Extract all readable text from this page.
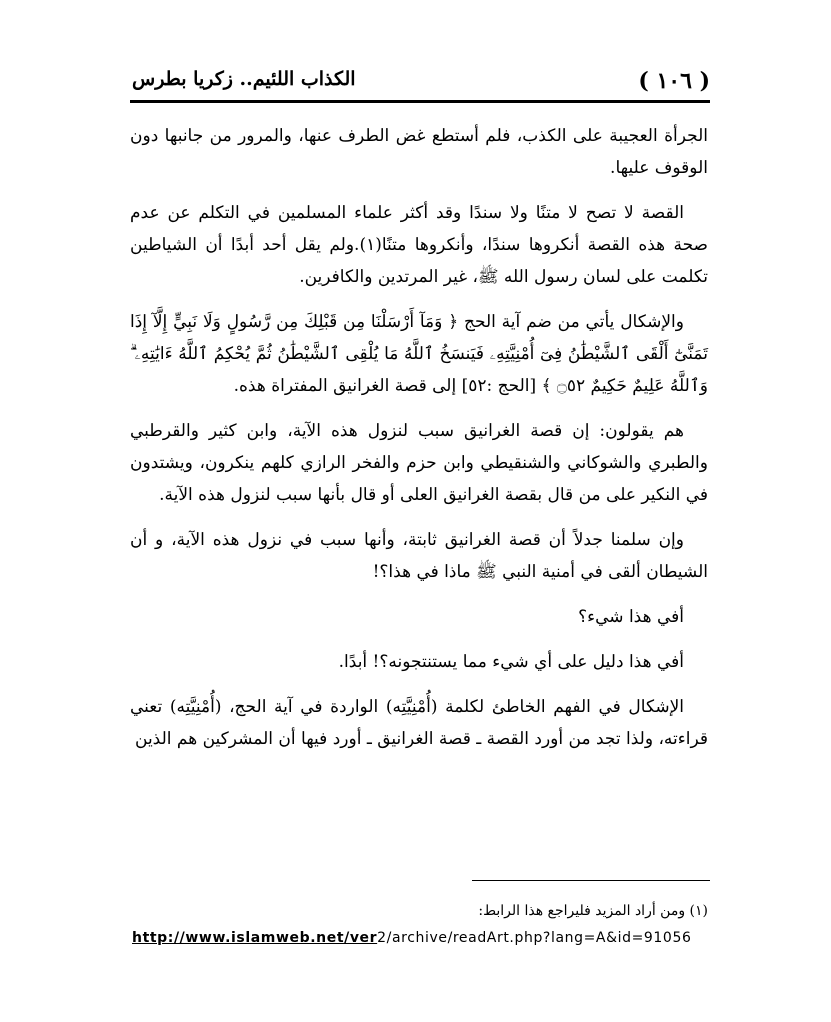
( ١٠٦ )
الكذاب اللئيم.. زكريا بطرس

الجرأة العجيبة على الكذب، فلم أستطع غض الطرف عنها، والمرور من جانبها دون الوقوف عليها.

القصة لا تصح لا متنًا ولا سندًا وقد أكثر علماء المسلمين في التكلم عن عدم صحة هذه القصة أنكروها سندًا، وأنكروها متنًا(١).ولم يقل أحد أبدًا أن الشياطين تكلمت على لسان رسول الله ﷺ، غير المرتدين والكافرين.

والإشكال يأتي من ضم آية الحج ﴿ وَمَآ أَرْسَلْنَا مِن قَبْلِكَ مِن رَّسُولٍ وَلَا نَبِيٍّ إِلَّآ إِذَا تَمَنَّىٰٓ أَلْقَى ٱلشَّيْطَٰنُ فِىٓ أُمْنِيَّتِهِۦ فَيَنسَخُ ٱللَّهُ مَا يُلْقِى ٱلشَّيْطَٰنُ ثُمَّ يُحْكِمُ ٱللَّهُ ءَايَٰتِهِۦ ۗ وَٱللَّهُ عَلِيمٌ حَكِيمٌ ۝٥٢ ﴾ [الحج :٥٢] إلى قصة الغرانيق المفتراة هذه.

هم يقولون: إن قصة الغرانيق سبب لنزول هذه الآية، وابن كثير والقرطبي والطبري والشوكاني والشنقيطي وابن حزم والفخر الرازي كلهم ينكرون، ويشتدون في النكير على من قال بقصة الغرانيق العلى أو قال بأنها سبب لنزول هذه الآية.

وإن سلمنا جدلاً أن قصة الغرانيق ثابتة، وأنها سبب في نزول هذه الآية، و أن الشيطان ألقى في أمنية النبي ﷺ ماذا في هذا؟!

أفي هذا شيء؟

أفي هذا دليل على أي شيء مما يستنتجونه؟! أبدًا.

الإشكال في الفهم الخاطئ لكلمة (أُمْنِيَّتِه) الواردة في آية الحج، (أُمْنِيَّتِه) تعني قراءته، ولذا تجد من أورد القصة ـ قصة الغرانيق ـ أورد فيها أن المشركين هم الذين

(١) ومن أراد المزيد فليراجع هذا الرابط:
http://www.islamweb.net/ver2/archive/readArt.php?lang=A&id=91056
